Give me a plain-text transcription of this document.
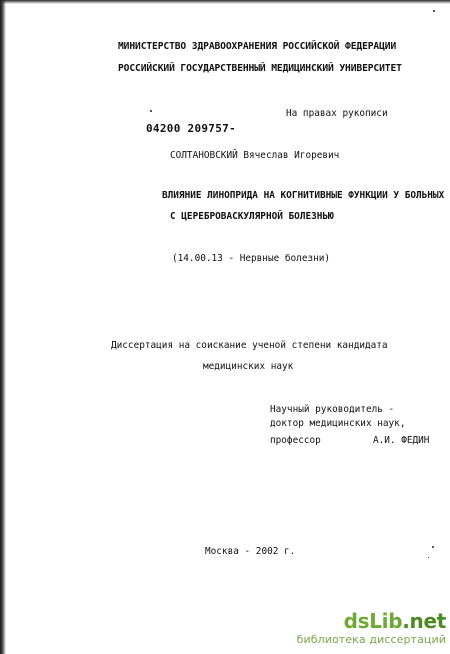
МИНИСТЕРСТВО ЗДРАВООХРАНЕНИЯ РОССИЙСКОЙ ФЕДЕРАЦИИ
РОССИЙСКИЙ ГОСУДАРСТВЕННЫЙ МЕДИЦИНСКИЙ УНИВЕРСИТЕТ
На правах рукописи
04200 209757-
СОЛТАНОВСКИЙ Вячеслав Игоревич
ВЛИЯНИЕ ЛИНОПРИДА НА КОГНИТИВНЫЕ ФУНКЦИИ У БОЛЬНЫХ
С ЦЕРЕБРОВАСКУЛЯРНОЙ БОЛЕЗНЬЮ
(14.00.13 - Нервные болезни)
Диссертация на соискание ученой степени кандидата
медицинских наук
Научный руководитель -
доктор медицинских наук,
профессор	А.И. ФЕДИН
Москва - 2002 г.
dsLib.net
библиотека диссертаций
